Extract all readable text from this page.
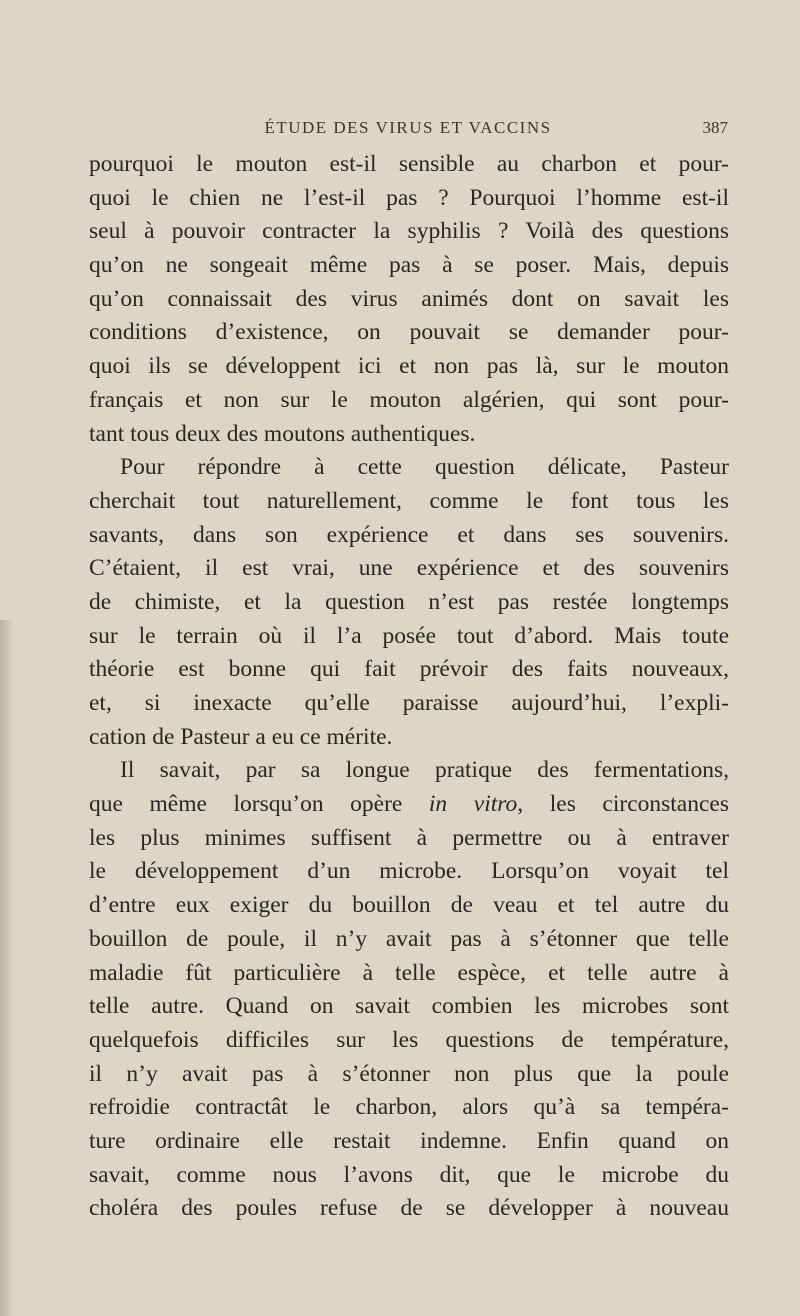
ÉTUDE DES VIRUS ET VACCINS	387
pourquoi le mouton est-il sensible au charbon et pour-
quoi le chien ne l’est-il pas ? Pourquoi l’homme est-il
seul à pouvoir contracter la syphilis ? Voilà des questions
qu’on ne songeait même pas à se poser. Mais, depuis
qu’on connaissait des virus animés dont on savait les
conditions d’existence, on pouvait se demander pour-
quoi ils se développent ici et non pas là, sur le mouton
français et non sur le mouton algérien, qui sont pour-
tant tous deux des moutons authentiques.
Pour répondre à cette question délicate, Pasteur
cherchait tout naturellement, comme le font tous les
savants, dans son expérience et dans ses souvenirs.
C’étaient, il est vrai, une expérience et des souvenirs
de chimiste, et la question n’est pas restée longtemps
sur le terrain où il l’a posée tout d’abord. Mais toute
théorie est bonne qui fait prévoir des faits nouveaux,
et, si inexacte qu’elle paraisse aujourd’hui, l’expli-
cation de Pasteur a eu ce mérite.
Il savait, par sa longue pratique des fermentations,
que même lorsqu’on opère in vitro, les circonstances
les plus minimes suffisent à permettre ou à entraver
le développement d’un microbe. Lorsqu’on voyait tel
d’entre eux exiger du bouillon de veau et tel autre du
bouillon de poule, il n’y avait pas à s’étonner que telle
maladie fût particulière à telle espèce, et telle autre à
telle autre. Quand on savait combien les microbes sont
quelquefois difficiles sur les questions de température,
il n’y avait pas à s’étonner non plus que la poule
refroidie contractât le charbon, alors qu’à sa tempéra-
ture ordinaire elle restait indemne. Enfin quand on
savait, comme nous l’avons dit, que le microbe du
choléra des poules refuse de se développer à nouveau
